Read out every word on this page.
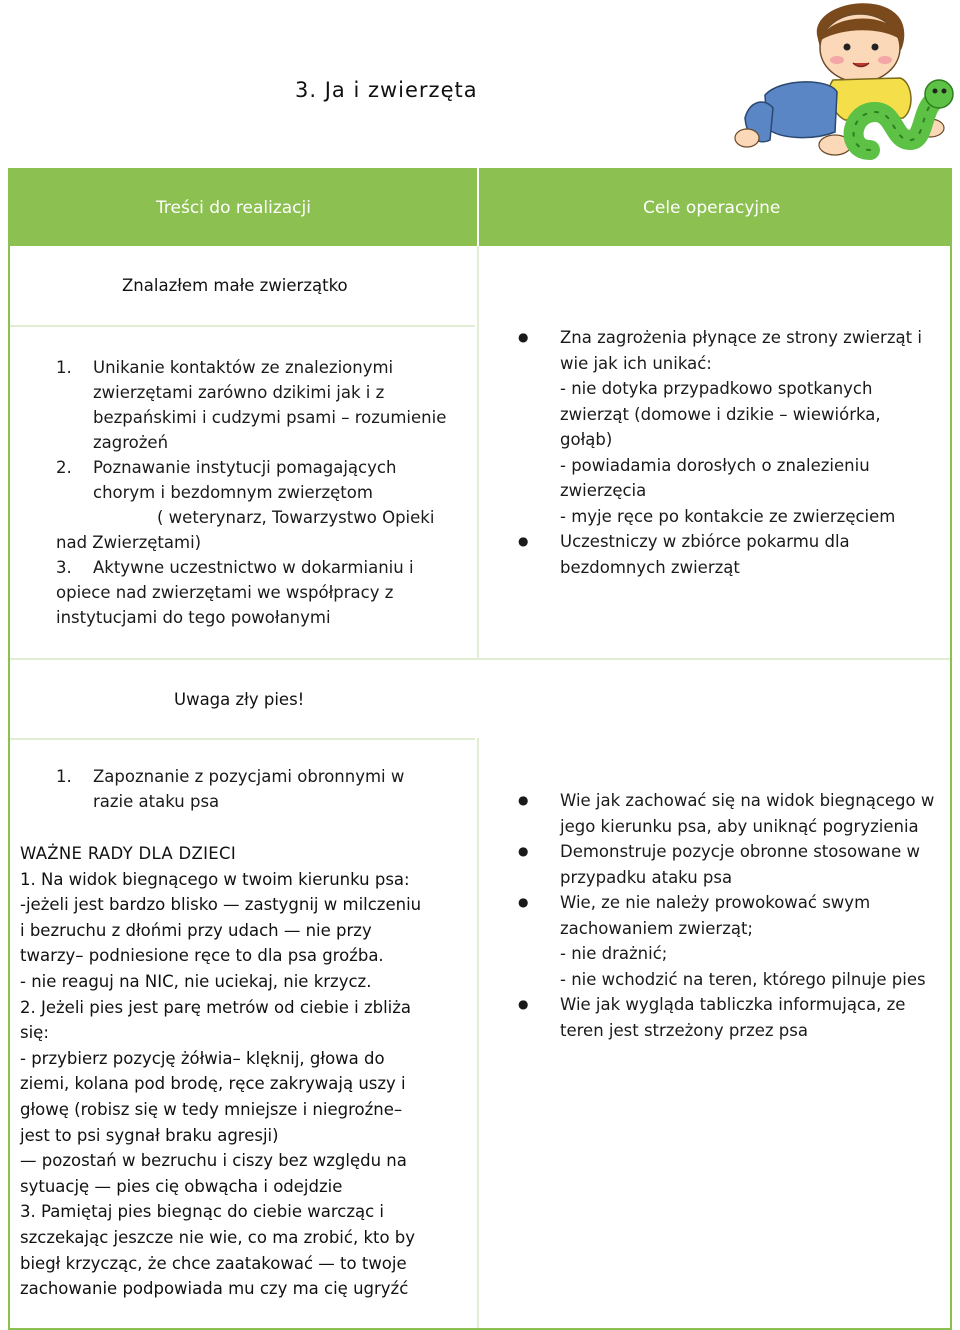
3. Ja i zwierzęta
Treści do realizacji	Cele operacyjne
Znalazłem małe zwierzątko
1. Unikanie kontaktów ze znalezionymi
zwierzętami zarówno dzikimi jak i z
bezpańskimi i cudzymi psami – rozumienie
zagrożeń
2. Poznawanie instytucji pomagających
chorym i bezdomnym zwierzętom
( weterynarz, Towarzystwo Opieki
nad Zwierzętami)
3. Aktywne uczestnictwo w dokarmianiu i
opiece nad zwierzętami we współpracy z
instytucjami do tego powołanymi
● Zna zagrożenia płynące ze strony zwierząt i
wie jak ich unikać:
- nie dotyka przypadkowo spotkanych
zwierząt (domowe i dzikie – wiewiórka,
gołąb)
- powiadamia dorosłych o znalezieniu
zwierzęcia
- myje ręce po kontakcie ze zwierzęciem
● Uczestniczy w zbiórce pokarmu dla
bezdomnych zwierząt
Uwaga zły pies!
1. Zapoznanie z pozycjami obronnymi w
razie ataku psa
WAŻNE RADY DLA DZIECI
1. Na widok biegnącego w twoim kierunku psa:
-jeżeli jest bardzo blisko — zastygnij w milczeniu
i bezruchu z dłońmi przy udach — nie przy
twarzy– podniesione ręce to dla psa groźba.
- nie reaguj na NIC, nie uciekaj, nie krzycz.
2. Jeżeli pies jest parę metrów od ciebie i zbliża
się:
- przybierz pozycję żółwia– klęknij, głowa do
ziemi, kolana pod brodę, ręce zakrywają uszy i
głowę (robisz się w tedy mniejsze i niegroźne–
jest to psi sygnał braku agresji)
— pozostań w bezruchu i ciszy bez względu na
sytuację — pies cię obwącha i odejdzie
3. Pamiętaj pies biegnąc do ciebie warcząc i
szczekając jeszcze nie wie, co ma zrobić, kto by
biegł krzycząc, że chce zaatakować — to twoje
zachowanie podpowiada mu czy ma cię ugryźć
● Wie jak zachować się na widok biegnącego w
jego kierunku psa, aby uniknąć pogryzienia
● Demonstruje pozycje obronne stosowane w
przypadku ataku psa
● Wie, ze nie należy prowokować swym
zachowaniem zwierząt;
- nie drażnić;
- nie wchodzić na teren, którego pilnuje pies
● Wie jak wygląda tabliczka informująca, ze
teren jest strzeżony przez psa
